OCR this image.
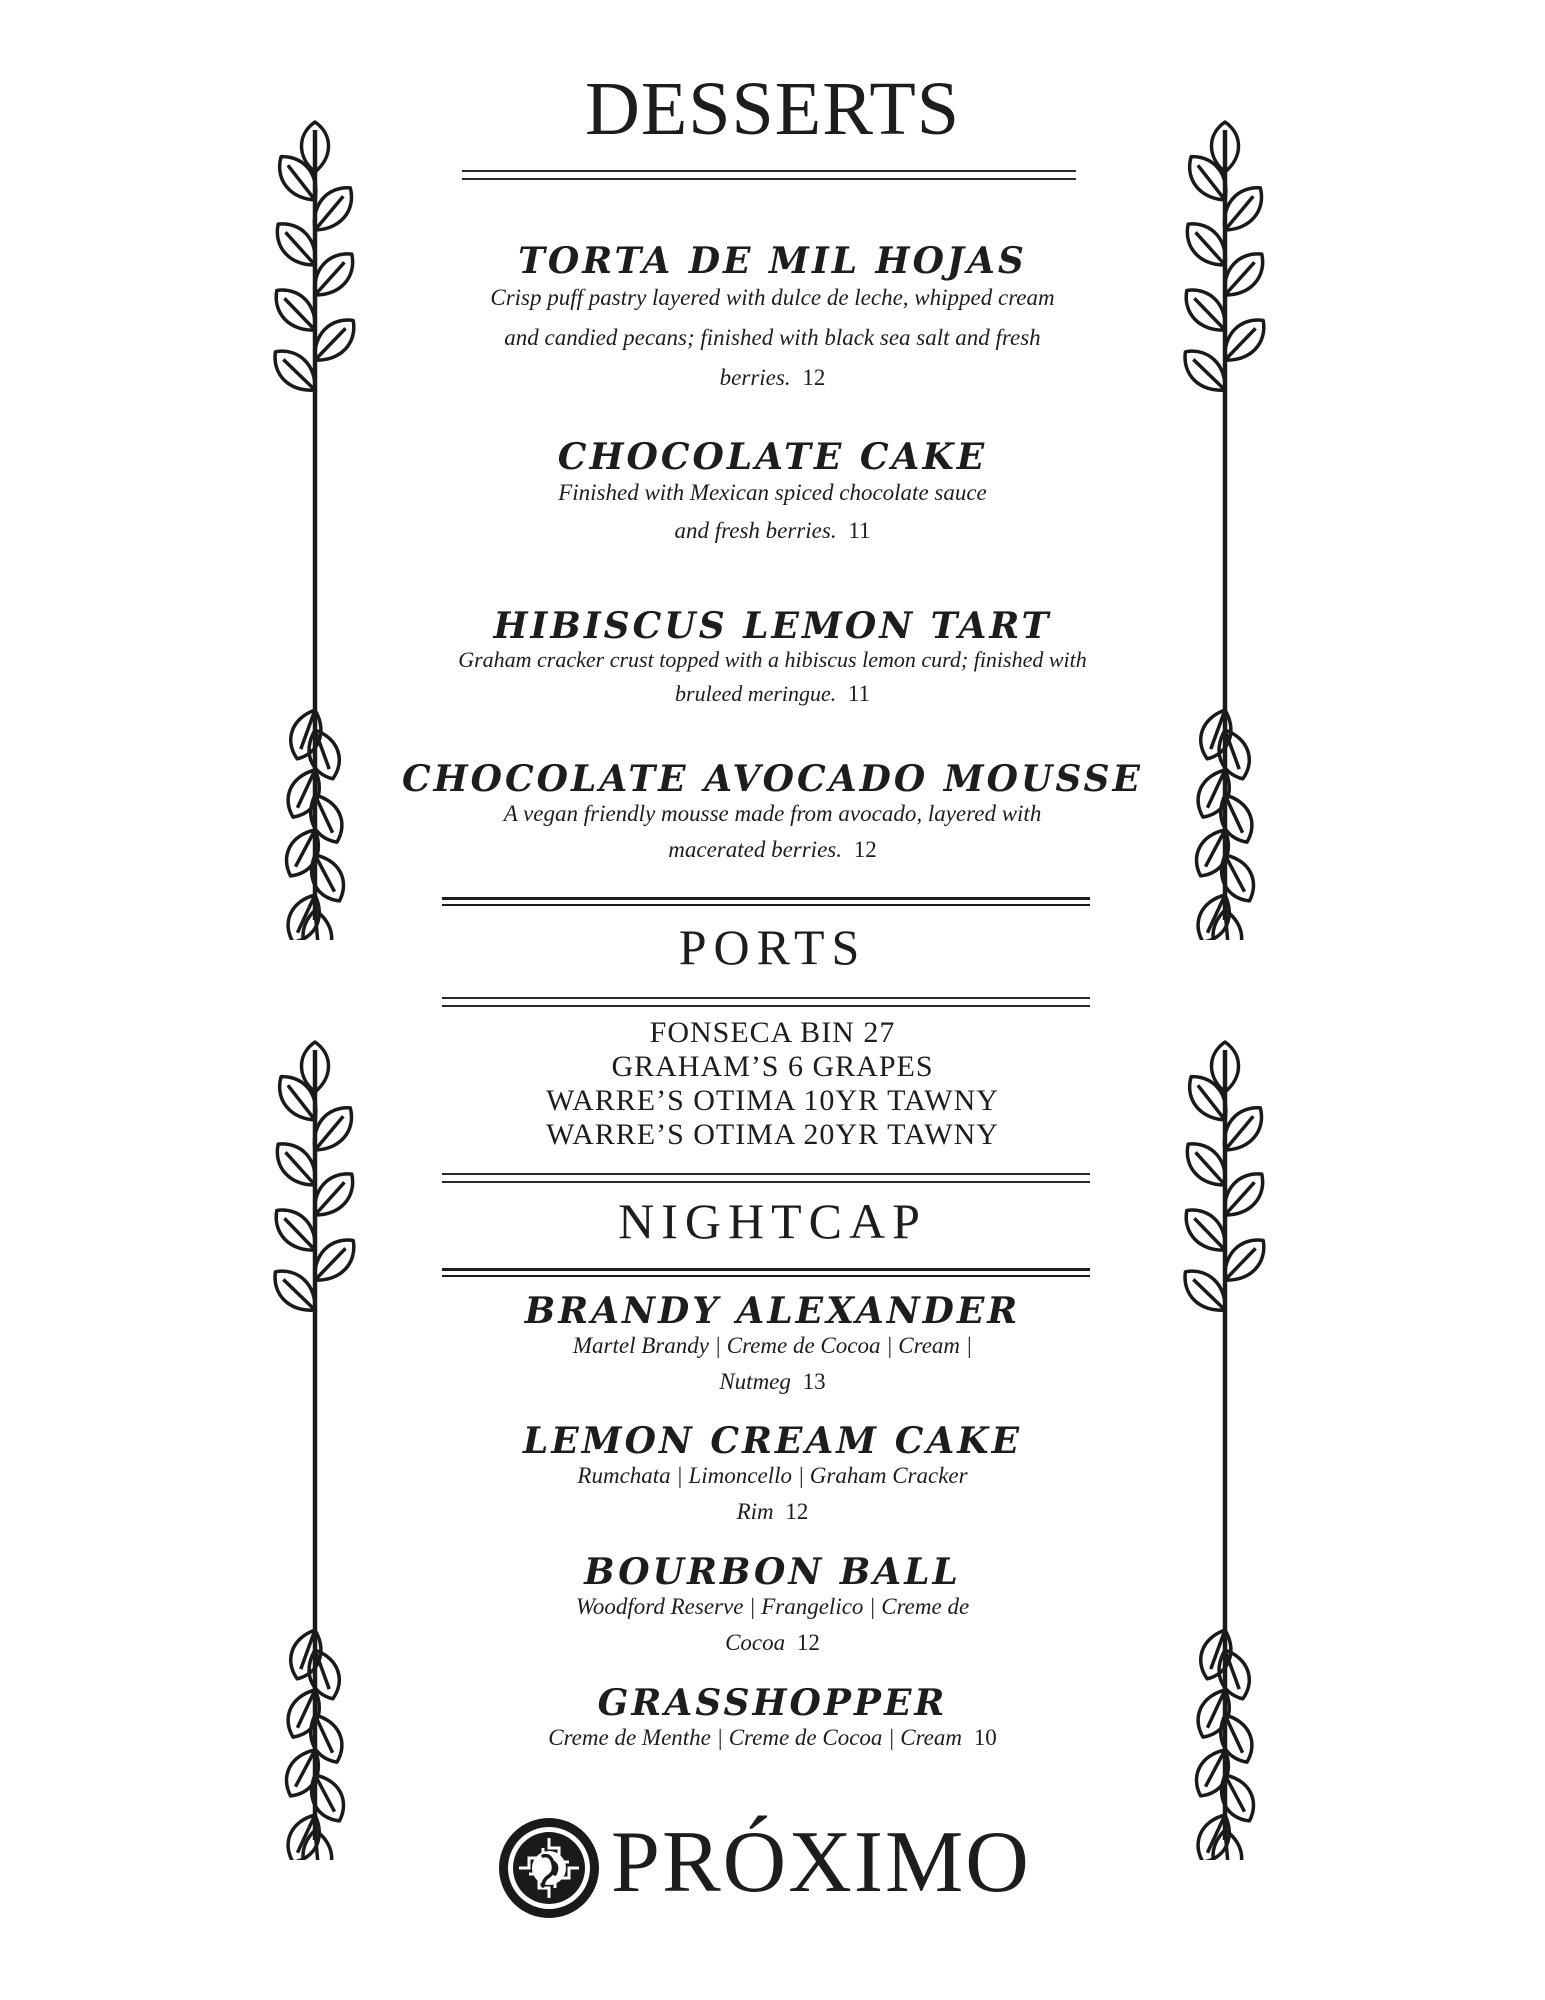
DESSERTS
TORTA DE MIL HOJAS
Crisp puff pastry layered with dulce de leche, whipped cream
and candied pecans; finished with black sea salt and fresh
berries. 12
CHOCOLATE CAKE
Finished with Mexican spiced chocolate sauce
and fresh berries. 11
HIBISCUS LEMON TART
Graham cracker crust topped with a hibiscus lemon curd; finished with
bruleed meringue. 11
CHOCOLATE AVOCADO MOUSSE
A vegan friendly mousse made from avocado, layered with
macerated berries. 12
PORTS
FONSECA BIN 27
GRAHAM’S 6 GRAPES
WARRE’S OTIMA 10YR TAWNY
WARRE’S OTIMA 20YR TAWNY
NIGHTCAP
BRANDY ALEXANDER
Martel Brandy | Creme de Cocoa | Cream |
Nutmeg 13
LEMON CREAM CAKE
Rumchata | Limoncello | Graham Cracker
Rim 12
BOURBON BALL
Woodford Reserve | Frangelico | Creme de
Cocoa 12
GRASSHOPPER
Creme de Menthe | Creme de Cocoa | Cream 10
PRÓXIMO
